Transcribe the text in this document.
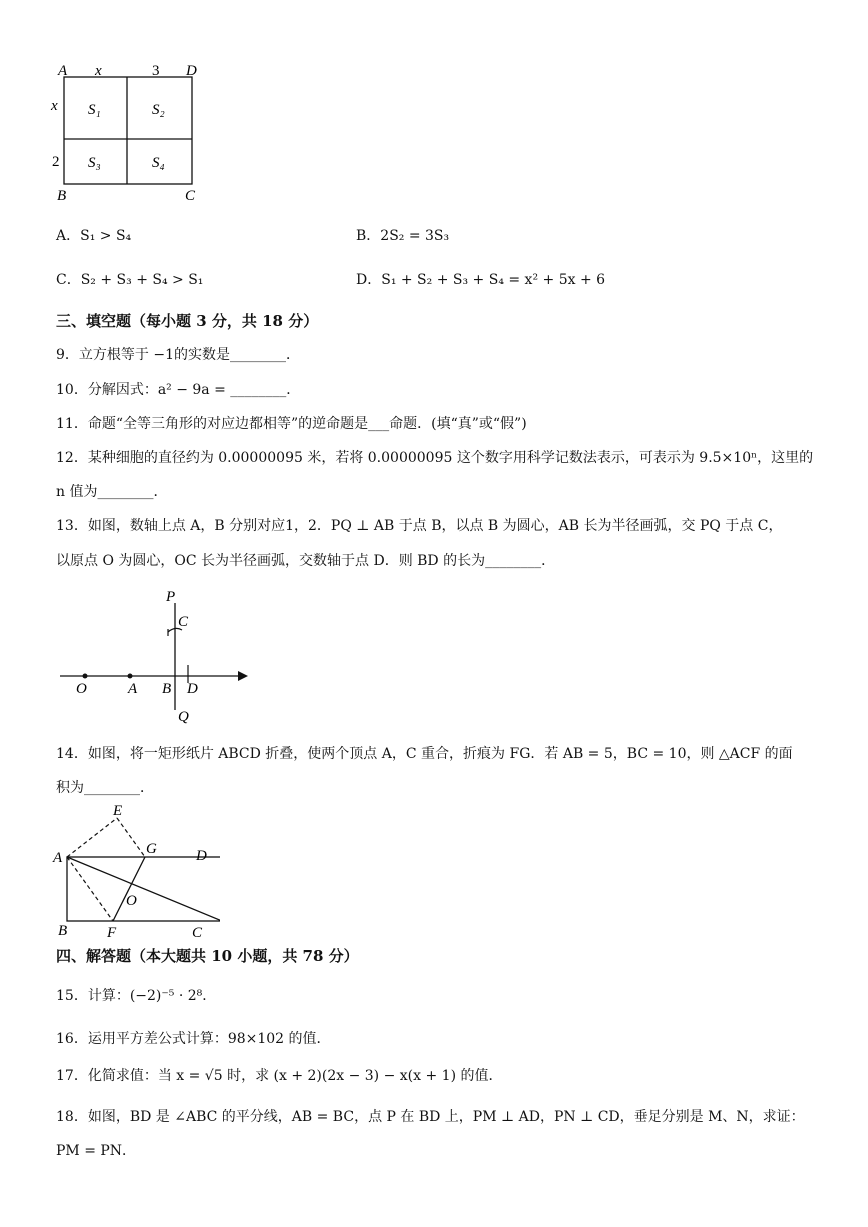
A x	3 D
x
2
B	C
S₁	S₂
S₃	S₄
A．S₁ > S₄	B．2S₂ = 3S₃
C．S₂ + S₃ + S₄ > S₁	D．S₁ + S₂ + S₃ + S₄ = x² + 5x + 6
三、填空题（每小题 3 分，共 18 分）
9．立方根等于 −1的实数是________．
10．分解因式：a² − 9a = ________．
11．命题“全等三角形的对应边都相等”的逆命题是___命题．(填“真”或“假”)
12．某种细胞的直径约为 0.00000095 米，若将 0.00000095 这个数字用科学记数法表示，可表示为 9.5×10ⁿ，这里的
n 值为________．
13．如图，数轴上点 A，B 分别对应1，2．PQ ⊥ AB 于点 B，以点 B 为圆心，AB 长为半径画弧，交 PQ 于点 C，
以原点 O 为圆心，OC 长为半径画弧，交数轴于点 D．则 BD 的长为________．
P
C
O	A B D
Q
14．如图，将一矩形纸片 ABCD 折叠，使两个顶点 A，C 重合，折痕为 FG．若 AB = 5，BC = 10，则 △ACF 的面
积为________．
E
A
G	D
O
B	F	C
四、解答题（本大题共 10 小题，共 78 分）
15．计算：(−2)⁻⁵ · 2⁸．
16．运用平方差公式计算：98×102 的值．
17．化简求值：当 x = √5 时，求 (x + 2)(2x − 3) − x(x + 1) 的值．
18．如图，BD 是 ∠ABC 的平分线，AB = BC，点 P 在 BD 上，PM ⊥ AD，PN ⊥ CD，垂足分别是 M、N，求证：
PM = PN．
